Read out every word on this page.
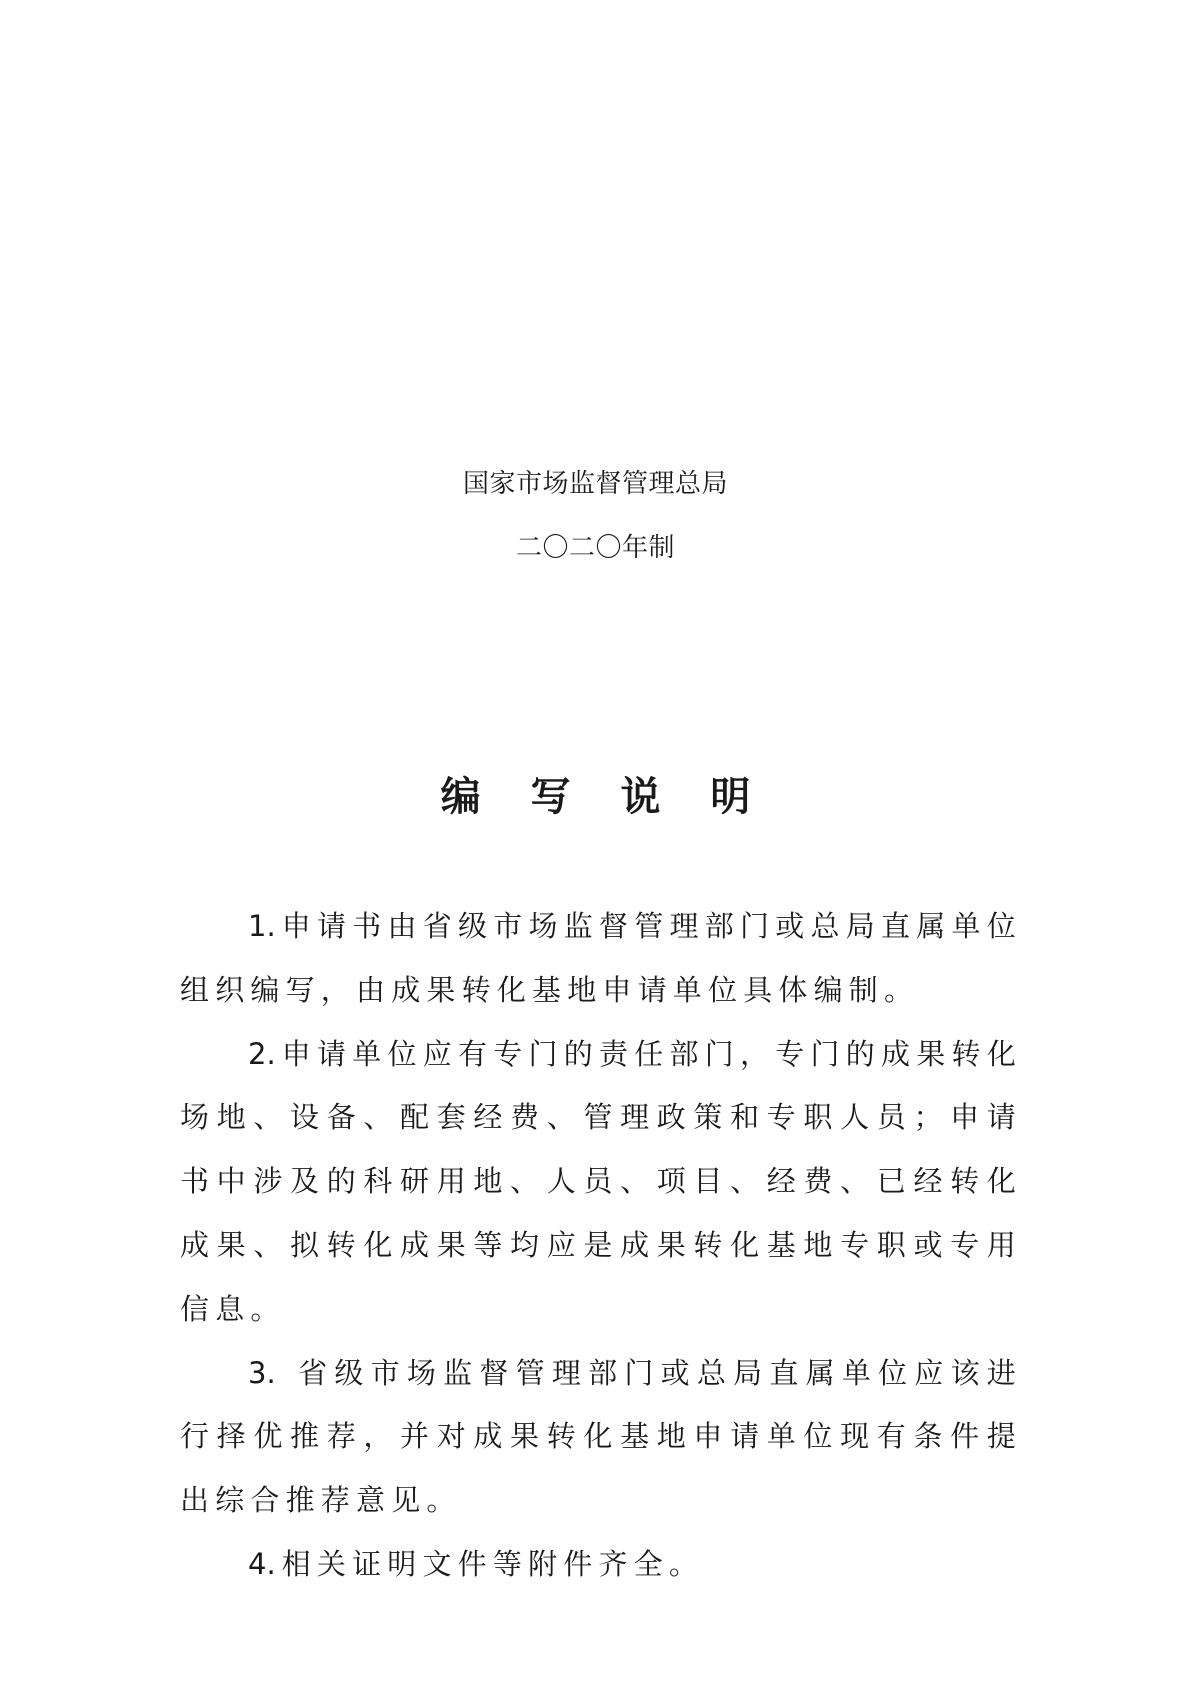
国家市场监督管理总局
二〇二〇年制
编 写 说 明

1. 申请书由省级市场监督管理部门或总局直属单位组织编写，由成果转化基地申请单位具体编制。

2. 申请单位应有专门的责任部门，专门的成果转化场地、设备、配套经费、管理政策和专职人员；申请书中涉及的科研用地、人员、项目、经费、已经转化成果、拟转化成果等均应是成果转化基地专职或专用信息。

3. 省级市场监督管理部门或总局直属单位应该进行择优推荐，并对成果转化基地申请单位现有条件提出综合推荐意见。

4. 相关证明文件等附件齐全。
